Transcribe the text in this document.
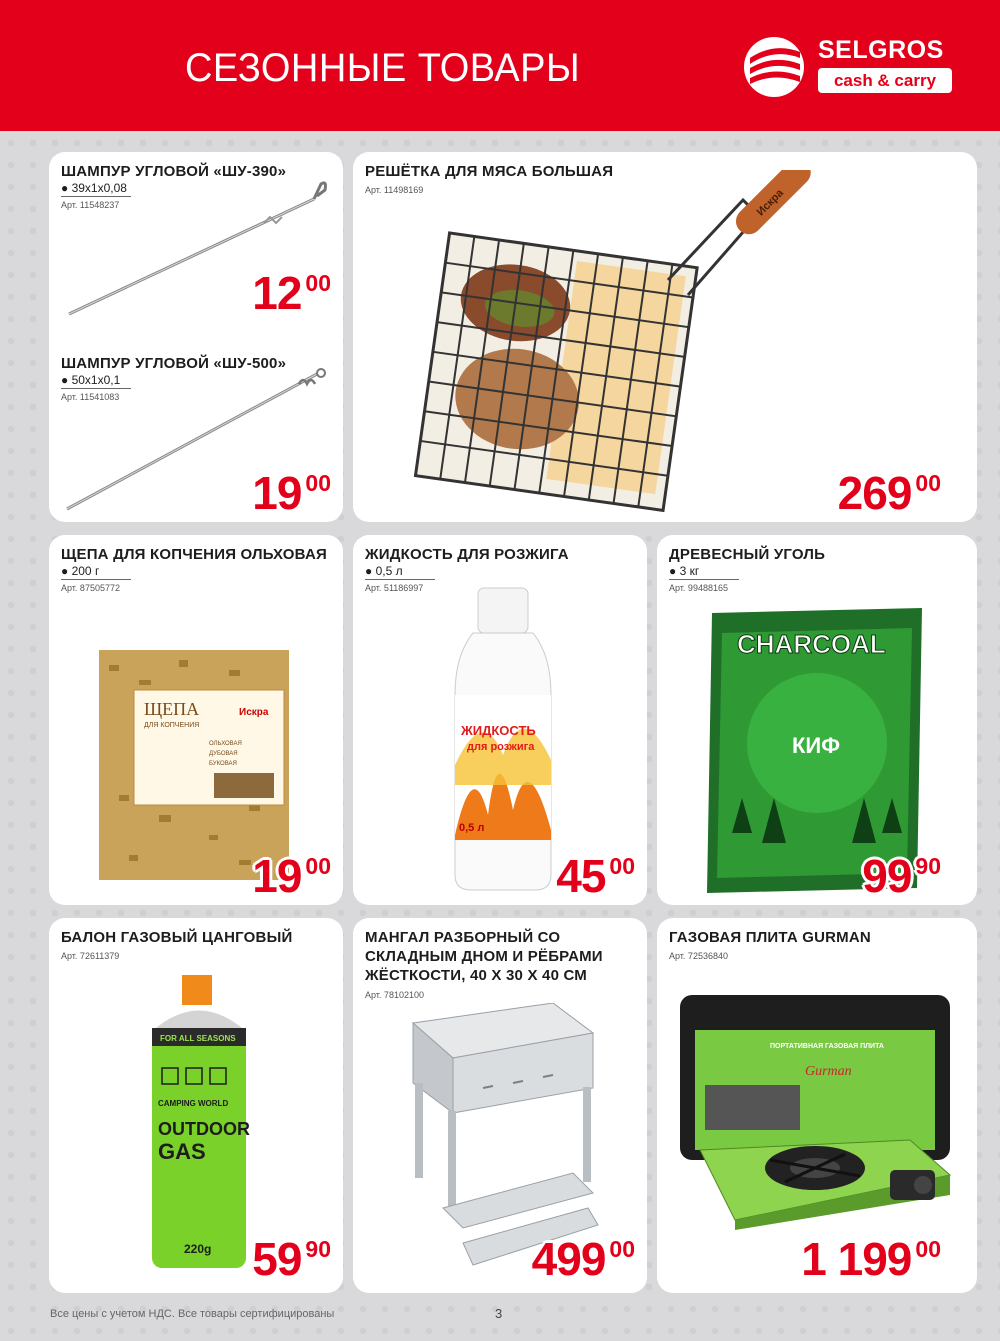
СЕЗОННЫЕ ТОВАРЫ	SELGROS
cash & carry
ШАМПУР УГЛОВОЙ «ШУ-390»
● 39х1х0,08
Арт. 11548237
12 00
ШАМПУР УГЛОВОЙ «ШУ-500»
● 50х1х0,1
Арт. 11541083
19 00
РЕШЁТКА ДЛЯ МЯСА БОЛЬШАЯ
Арт. 11498169	Искра
269 00
ЩЕПА ДЛЯ КОПЧЕНИЯ ОЛЬХОВАЯ
● 200 г
Арт. 87505772
ЩЕПА
ДЛЯ КОПЧЕНИЯ
Искра
ОЛЬХОВАЯ
ДУБОВАЯ
БУКОВАЯ
19 00
ЖИДКОСТЬ ДЛЯ РОЗЖИГА
● 0,5 л
Арт. 51186997
ЖИДКОСТЬ
для розжига
0,5 л
45 00
ДРЕВЕСНЫЙ УГОЛЬ
● 3 кг
Арт. 99488165
CHARCOAL
КИФ
99 90
БАЛОН ГАЗОВЫЙ ЦАНГОВЫЙ
Арт. 72611379
FOR ALL SEASONS
CAMPING WORLD
OUTDOOR
GAS
220g 59 90
МАНГАЛ РАЗБОРНЫЙ СО
СКЛАДНЫМ ДНОМ И РЁБРАМИ
ЖЁСТКОСТИ, 40 Х 30 Х 40 СМ
Арт. 78102100
499 00
ГАЗОВАЯ ПЛИТА GURMAN
Арт. 72536840
ПОРТАТИВНАЯ ГАЗОВАЯ ПЛИТА
Gurman
1 199 00
Все цены с учетом НДС. Все товары сертифицированы	3
